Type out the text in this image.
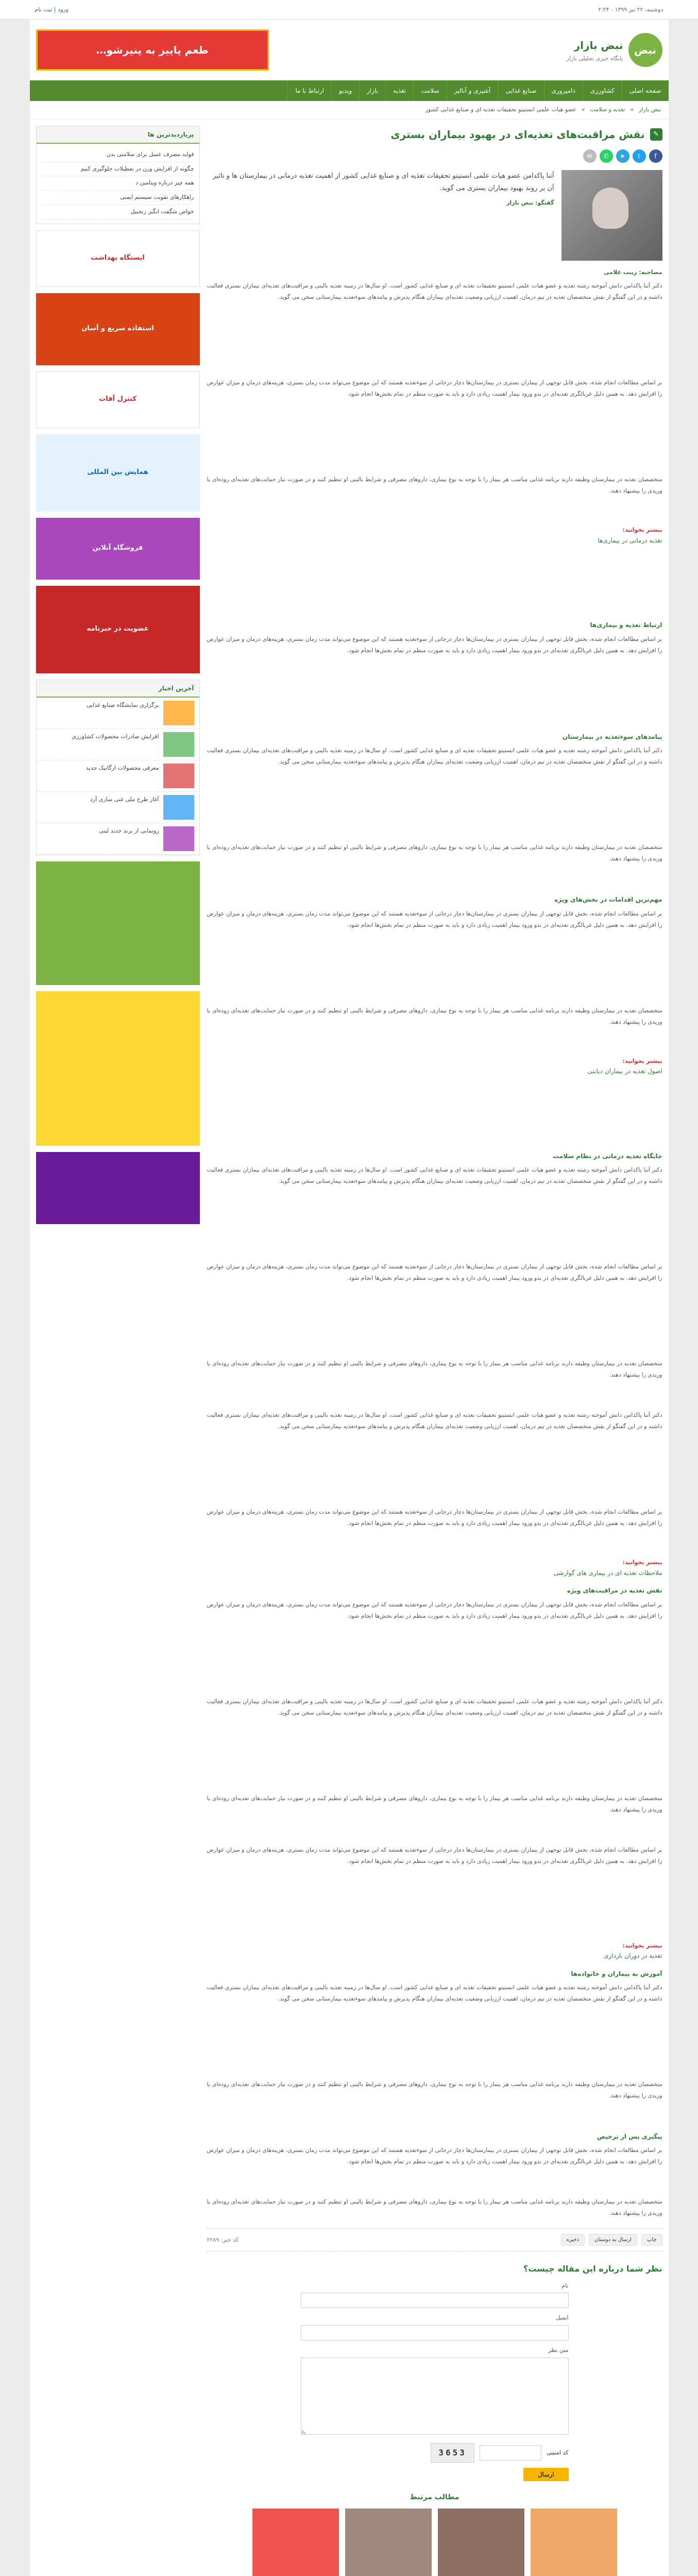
دوشنبه، ۲۲ تیر ۱۳۹۹ - ۲:۲۴
ورود | ثبت نام
نبض
نبض بازار
پایگاه خبری تحلیلی بازار
طعم پاییز به پنیرشو…
صفحه اصلی
کشاورزی
دامپروری
صنایع غذایی
آشپزی و آنالیز
سلامت
تغذیه
بازار
ویدیو
ارتباط با ما
نبض بازار
»
تغذیه و سلامت
»
عضو هیات علمی انستیتو تحقیقات تغذیه ای و صنایع غذایی کشور
✎
نقش مراقبت‌های تغذیه‌ای در بهبود بیماران بستری
f
t
➤
✆
✉

آتنا پاکدامن عضو هیات علمی انستیتو تحقیقات تغذیه ای و صنایع غذایی کشور از اهمیت تغذیه درمانی در بیمارستان ها و تاثیر آن بر روند بهبود بیماران بستری می گوید.

گفتگو: نبض بازار

مصاحبه: زینب غلامی

دکتر آتنا پاکدامن دانش آموخته رشته تغذیه و عضو هیات علمی انستیتو تحقیقات تغذیه ای و صنایع غذایی کشور است. او سال‌ها در زمینه تغذیه بالینی و مراقبت‌های تغذیه‌ای بیماران بستری فعالیت داشته و در این گفتگو از نقش متخصصان تغذیه در تیم درمان، اهمیت ارزیابی وضعیت تغذیه‌ای بیماران هنگام پذیرش و پیامدهای سوءتغذیه بیمارستانی سخن می گوید.

بر اساس مطالعات انجام شده، بخش قابل توجهی از بیماران بستری در بیمارستان‌ها دچار درجاتی از سوءتغذیه هستند که این موضوع می‌تواند مدت زمان بستری، هزینه‌های درمان و میزان عوارض را افزایش دهد. به همین دلیل غربالگری تغذیه‌ای در بدو ورود بیمار اهمیت زیادی دارد و باید به صورت منظم در تمام بخش‌ها انجام شود.

متخصصان تغذیه در بیمارستان وظیفه دارند برنامه غذایی مناسب هر بیمار را با توجه به نوع بیماری، داروهای مصرفی و شرایط بالینی او تنظیم کنند و در صورت نیاز حمایت‌های تغذیه‌ای روده‌ای یا وریدی را پیشنهاد دهند.

بیشتر بخوانید:

تغذیه درمانی در بیماری‌ها
ارتباط تغذیه و بیماری‌ها

بر اساس مطالعات انجام شده، بخش قابل توجهی از بیماران بستری در بیمارستان‌ها دچار درجاتی از سوءتغذیه هستند که این موضوع می‌تواند مدت زمان بستری، هزینه‌های درمان و میزان عوارض را افزایش دهد. به همین دلیل غربالگری تغذیه‌ای در بدو ورود بیمار اهمیت زیادی دارد و باید به صورت منظم در تمام بخش‌ها انجام شود.

پیامدهای سوءتغذیه در بیمارستان

دکتر آتنا پاکدامن دانش آموخته رشته تغذیه و عضو هیات علمی انستیتو تحقیقات تغذیه ای و صنایع غذایی کشور است. او سال‌ها در زمینه تغذیه بالینی و مراقبت‌های تغذیه‌ای بیماران بستری فعالیت داشته و در این گفتگو از نقش متخصصان تغذیه در تیم درمان، اهمیت ارزیابی وضعیت تغذیه‌ای بیماران هنگام پذیرش و پیامدهای سوءتغذیه بیمارستانی سخن می گوید.

متخصصان تغذیه در بیمارستان وظیفه دارند برنامه غذایی مناسب هر بیمار را با توجه به نوع بیماری، داروهای مصرفی و شرایط بالینی او تنظیم کنند و در صورت نیاز حمایت‌های تغذیه‌ای روده‌ای یا وریدی را پیشنهاد دهند.

مهم‌ترین اقدامات در بخش‌های ویژه

بر اساس مطالعات انجام شده، بخش قابل توجهی از بیماران بستری در بیمارستان‌ها دچار درجاتی از سوءتغذیه هستند که این موضوع می‌تواند مدت زمان بستری، هزینه‌های درمان و میزان عوارض را افزایش دهد. به همین دلیل غربالگری تغذیه‌ای در بدو ورود بیمار اهمیت زیادی دارد و باید به صورت منظم در تمام بخش‌ها انجام شود.

متخصصان تغذیه در بیمارستان وظیفه دارند برنامه غذایی مناسب هر بیمار را با توجه به نوع بیماری، داروهای مصرفی و شرایط بالینی او تنظیم کنند و در صورت نیاز حمایت‌های تغذیه‌ای روده‌ای یا وریدی را پیشنهاد دهند.

بیشتر بخوانید:

اصول تغذیه در بیماران دیابتی
جایگاه تغذیه درمانی در نظام سلامت

دکتر آتنا پاکدامن دانش آموخته رشته تغذیه و عضو هیات علمی انستیتو تحقیقات تغذیه ای و صنایع غذایی کشور است. او سال‌ها در زمینه تغذیه بالینی و مراقبت‌های تغذیه‌ای بیماران بستری فعالیت داشته و در این گفتگو از نقش متخصصان تغذیه در تیم درمان، اهمیت ارزیابی وضعیت تغذیه‌ای بیماران هنگام پذیرش و پیامدهای سوءتغذیه بیمارستانی سخن می گوید.

بر اساس مطالعات انجام شده، بخش قابل توجهی از بیماران بستری در بیمارستان‌ها دچار درجاتی از سوءتغذیه هستند که این موضوع می‌تواند مدت زمان بستری، هزینه‌های درمان و میزان عوارض را افزایش دهد. به همین دلیل غربالگری تغذیه‌ای در بدو ورود بیمار اهمیت زیادی دارد و باید به صورت منظم در تمام بخش‌ها انجام شود.

متخصصان تغذیه در بیمارستان وظیفه دارند برنامه غذایی مناسب هر بیمار را با توجه به نوع بیماری، داروهای مصرفی و شرایط بالینی او تنظیم کنند و در صورت نیاز حمایت‌های تغذیه‌ای روده‌ای یا وریدی را پیشنهاد دهند.

دکتر آتنا پاکدامن دانش آموخته رشته تغذیه و عضو هیات علمی انستیتو تحقیقات تغذیه ای و صنایع غذایی کشور است. او سال‌ها در زمینه تغذیه بالینی و مراقبت‌های تغذیه‌ای بیماران بستری فعالیت داشته و در این گفتگو از نقش متخصصان تغذیه در تیم درمان، اهمیت ارزیابی وضعیت تغذیه‌ای بیماران هنگام پذیرش و پیامدهای سوءتغذیه بیمارستانی سخن می گوید.

بر اساس مطالعات انجام شده، بخش قابل توجهی از بیماران بستری در بیمارستان‌ها دچار درجاتی از سوءتغذیه هستند که این موضوع می‌تواند مدت زمان بستری، هزینه‌های درمان و میزان عوارض را افزایش دهد. به همین دلیل غربالگری تغذیه‌ای در بدو ورود بیمار اهمیت زیادی دارد و باید به صورت منظم در تمام بخش‌ها انجام شود.

بیشتر بخوانید:

ملاحظات تغذیه ای در بیماری های گوارشی
نقش تغذیه در مراقبت‌های ویژه

بر اساس مطالعات انجام شده، بخش قابل توجهی از بیماران بستری در بیمارستان‌ها دچار درجاتی از سوءتغذیه هستند که این موضوع می‌تواند مدت زمان بستری، هزینه‌های درمان و میزان عوارض را افزایش دهد. به همین دلیل غربالگری تغذیه‌ای در بدو ورود بیمار اهمیت زیادی دارد و باید به صورت منظم در تمام بخش‌ها انجام شود.

دکتر آتنا پاکدامن دانش آموخته رشته تغذیه و عضو هیات علمی انستیتو تحقیقات تغذیه ای و صنایع غذایی کشور است. او سال‌ها در زمینه تغذیه بالینی و مراقبت‌های تغذیه‌ای بیماران بستری فعالیت داشته و در این گفتگو از نقش متخصصان تغذیه در تیم درمان، اهمیت ارزیابی وضعیت تغذیه‌ای بیماران هنگام پذیرش و پیامدهای سوءتغذیه بیمارستانی سخن می گوید.

متخصصان تغذیه در بیمارستان وظیفه دارند برنامه غذایی مناسب هر بیمار را با توجه به نوع بیماری، داروهای مصرفی و شرایط بالینی او تنظیم کنند و در صورت نیاز حمایت‌های تغذیه‌ای روده‌ای یا وریدی را پیشنهاد دهند.

بر اساس مطالعات انجام شده، بخش قابل توجهی از بیماران بستری در بیمارستان‌ها دچار درجاتی از سوءتغذیه هستند که این موضوع می‌تواند مدت زمان بستری، هزینه‌های درمان و میزان عوارض را افزایش دهد. به همین دلیل غربالگری تغذیه‌ای در بدو ورود بیمار اهمیت زیادی دارد و باید به صورت منظم در تمام بخش‌ها انجام شود.

بیشتر بخوانید:

تغذیه در دوران بارداری
آموزش به بیماران و خانواده‌ها

دکتر آتنا پاکدامن دانش آموخته رشته تغذیه و عضو هیات علمی انستیتو تحقیقات تغذیه ای و صنایع غذایی کشور است. او سال‌ها در زمینه تغذیه بالینی و مراقبت‌های تغذیه‌ای بیماران بستری فعالیت داشته و در این گفتگو از نقش متخصصان تغذیه در تیم درمان، اهمیت ارزیابی وضعیت تغذیه‌ای بیماران هنگام پذیرش و پیامدهای سوءتغذیه بیمارستانی سخن می گوید.

متخصصان تغذیه در بیمارستان وظیفه دارند برنامه غذایی مناسب هر بیمار را با توجه به نوع بیماری، داروهای مصرفی و شرایط بالینی او تنظیم کنند و در صورت نیاز حمایت‌های تغذیه‌ای روده‌ای یا وریدی را پیشنهاد دهند.

پیگیری پس از ترخیص

بر اساس مطالعات انجام شده، بخش قابل توجهی از بیماران بستری در بیمارستان‌ها دچار درجاتی از سوءتغذیه هستند که این موضوع می‌تواند مدت زمان بستری، هزینه‌های درمان و میزان عوارض را افزایش دهد. به همین دلیل غربالگری تغذیه‌ای در بدو ورود بیمار اهمیت زیادی دارد و باید به صورت منظم در تمام بخش‌ها انجام شود.

متخصصان تغذیه در بیمارستان وظیفه دارند برنامه غذایی مناسب هر بیمار را با توجه به نوع بیماری، داروهای مصرفی و شرایط بالینی او تنظیم کنند و در صورت نیاز حمایت‌های تغذیه‌ای روده‌ای یا وریدی را پیشنهاد دهند.

چاپ
ارسال به دوستان
ذخیره
کد خبر: ۲۲۸۹
نظر شما درباره این مقاله چیست؟
نام
ایمیل
متن نظر
کد امنیتی
3653
ارسال
مطالب مرتبط
پربازدیدترین ها
فواید مصرف عسل برای سلامتی بدن
چگونه از افزایش وزن در تعطیلات جلوگیری کنیم
همه چیز درباره ویتامین د
راهکارهای تقویت سیستم ایمنی
خواص شگفت انگیز زنجبیل
ایستگاه بهداشت
استفاده سریع و آسان
کنترل آفات
همایش بین المللی
فروشگاه آنلاین
عضویت در خبرنامه
آخرین اخبار
برگزاری نمایشگاه صنایع غذایی
افزایش صادرات محصولات کشاورزی
معرفی محصولات ارگانیک جدید
آغاز طرح ملی غنی سازی آرد
رونمایی از برند جدید لبنی
